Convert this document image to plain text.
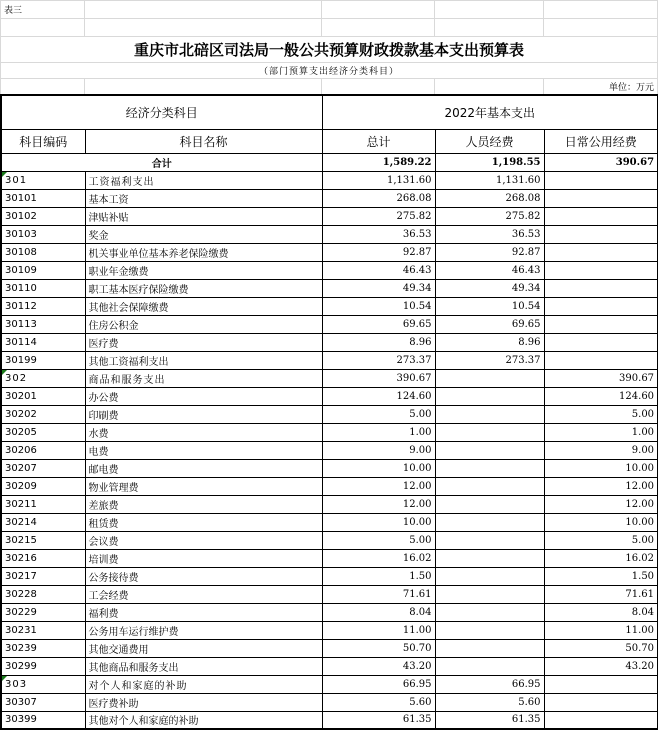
表三				

重庆市北碚区司法局一般公共预算财政拨款基本支出预算表				
（部门预算支出经济分类科目）				
				单位：万元
经济分类科目		2022年基本支出		
科目编码	科目名称	总计	人员经费	日常公用经费
合计		1,589.22	1,198.55	390.67
301	工资福利支出	1,131.60	1,131.60	
30101	基本工资	268.08	268.08	
30102	津贴补贴	275.82	275.82	
30103	奖金	36.53	36.53	
30108	机关事业单位基本养老保险缴费	92.87	92.87	
30109	职业年金缴费	46.43	46.43	
30110	职工基本医疗保险缴费	49.34	49.34	
30112	其他社会保障缴费	10.54	10.54	
30113	住房公积金	69.65	69.65	
30114	医疗费	8.96	8.96	
30199	其他工资福利支出	273.37	273.37	
302	商品和服务支出	390.67		390.67
30201	办公费	124.60		124.60
30202	印刷费	5.00		5.00
30205	水费	1.00		1.00
30206	电费	9.00		9.00
30207	邮电费	10.00		10.00
30209	物业管理费	12.00		12.00
30211	差旅费	12.00		12.00
30214	租赁费	10.00		10.00
30215	会议费	5.00		5.00
30216	培训费	16.02		16.02
30217	公务接待费	1.50		1.50
30228	工会经费	71.61		71.61
30229	福利费	8.04		8.04
30231	公务用车运行维护费	11.00		11.00
30239	其他交通费用	50.70		50.70
30299	其他商品和服务支出	43.20		43.20
303	对个人和家庭的补助	66.95	66.95	
30307	医疗费补助	5.60	5.60	
30399	其他对个人和家庭的补助	61.35	61.35	
